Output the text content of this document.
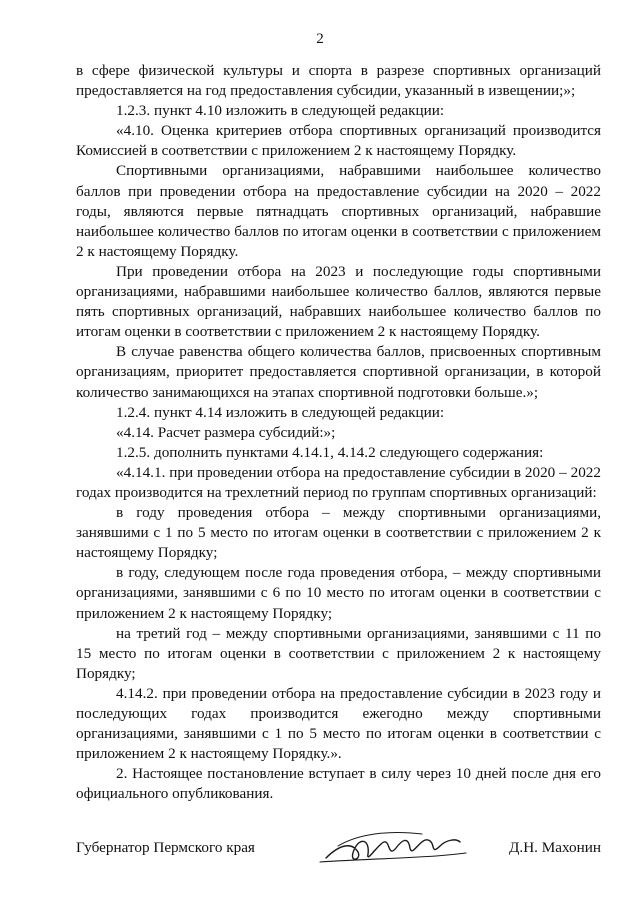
2

в сфере физической культуры и спорта в разрезе спортивных организаций предоставляется на год предоставления субсидии, указанный в извещении;»;

1.2.3. пункт 4.10 изложить в следующей редакции:

«4.10. Оценка критериев отбора спортивных организаций производится Комиссией в соответствии с приложением 2 к настоящему Порядку.

Спортивными организациями, набравшими наибольшее количество баллов при проведении отбора на предоставление субсидии на 2020 – 2022 годы, являются первые пятнадцать спортивных организаций, набравшие наибольшее количество баллов по итогам оценки в соответствии с приложением 2 к настоящему Порядку.

При проведении отбора на 2023 и последующие годы спортивными организациями, набравшими наибольшее количество баллов, являются первые пять спортивных организаций, набравших наибольшее количество баллов по итогам оценки в соответствии с приложением 2 к настоящему Порядку.

В случае равенства общего количества баллов, присвоенных спортивным организациям, приоритет предоставляется спортивной организации, в которой количество занимающихся на этапах спортивной подготовки больше.»;

1.2.4. пункт 4.14 изложить в следующей редакции:

«4.14. Расчет размера субсидий:»;

1.2.5. дополнить пунктами 4.14.1, 4.14.2 следующего содержания:

«4.14.1. при проведении отбора на предоставление субсидии в 2020 – 2022 годах производится на трехлетний период по группам спортивных организаций:

в году проведения отбора – между спортивными организациями, занявшими с 1 по 5 место по итогам оценки в соответствии с приложением 2 к настоящему Порядку;

в году, следующем после года проведения отбора, – между спортивными организациями, занявшими с 6 по 10 место по итогам оценки в соответствии с приложением 2 к настоящему Порядку;

на третий год – между спортивными организациями, занявшими с 11 по 15 место по итогам оценки в соответствии с приложением 2 к настоящему Порядку;

4.14.2. при проведении отбора на предоставление субсидии в 2023 году и последующих годах производится ежегодно между спортивными организациями, занявшими с 1 по 5 место по итогам оценки в соответствии с приложением 2 к настоящему Порядку.».

2. Настоящее постановление вступает в силу через 10 дней после дня его официального опубликования.

Губернатор Пермского края	Д.Н. Махонин
